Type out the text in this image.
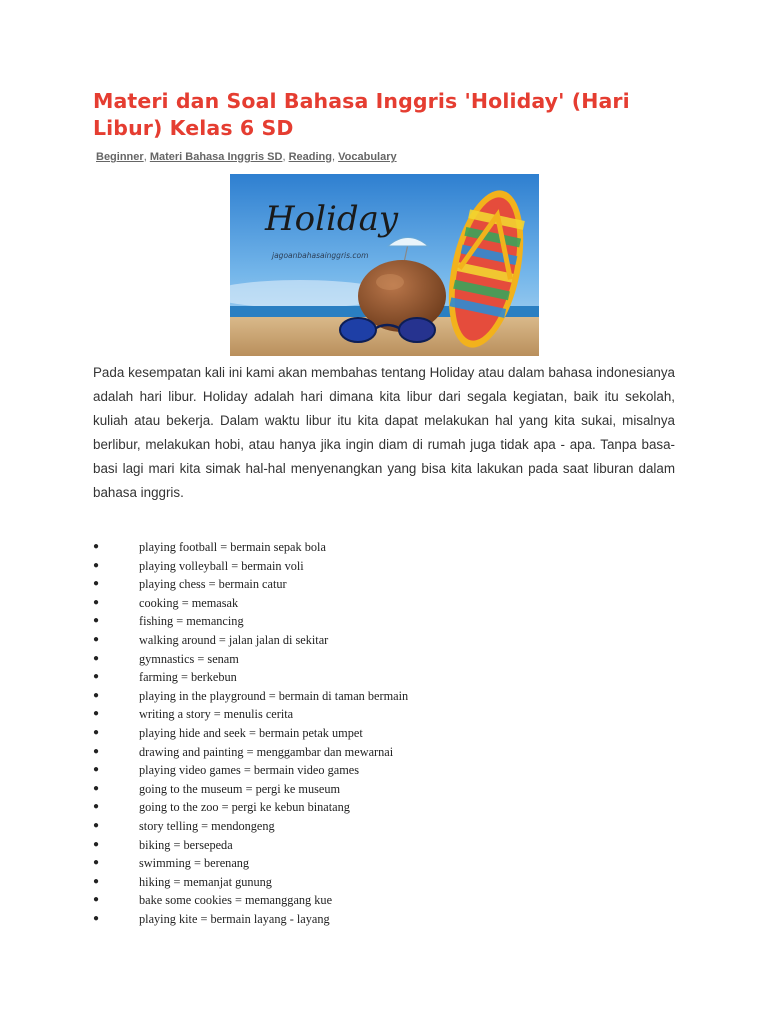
Materi dan Soal Bahasa Inggris 'Holiday' (Hari Libur) Kelas 6 SD
Beginner, Materi Bahasa Inggris SD, Reading, Vocabulary
Holiday
jagoanbahasainggris.com

Pada kesempatan kali ini kami akan membahas tentang Holiday atau dalam bahasa indonesianya adalah hari libur. Holiday adalah hari dimana kita libur dari segala kegiatan, baik itu sekolah, kuliah atau bekerja. Dalam waktu libur itu kita dapat melakukan hal yang kita sukai, misalnya berlibur, melakukan hobi, atau hanya jika ingin diam di rumah juga tidak apa - apa. Tanpa basa-basi lagi mari kita simak hal-hal menyenangkan yang bisa kita lakukan pada saat liburan dalam bahasa inggris.

●	playing football = bermain sepak bola
●	playing volleyball = bermain voli
●	playing chess = bermain catur
●	cooking = memasak
●	fishing = memancing
●	walking around = jalan jalan di sekitar
●	gymnastics = senam
●	farming = berkebun
●	playing in the playground = bermain di taman bermain
●	writing a story = menulis cerita
●	playing hide and seek = bermain petak umpet
●	drawing and painting = menggambar dan mewarnai
●	playing video games = bermain video games
●	going to the museum = pergi ke museum
●	going to the zoo = pergi ke kebun binatang
●	story telling = mendongeng
●	biking = bersepeda
●	swimming = berenang
●	hiking = memanjat gunung
●	bake some cookies = memanggang kue
●	playing kite = bermain layang - layang
